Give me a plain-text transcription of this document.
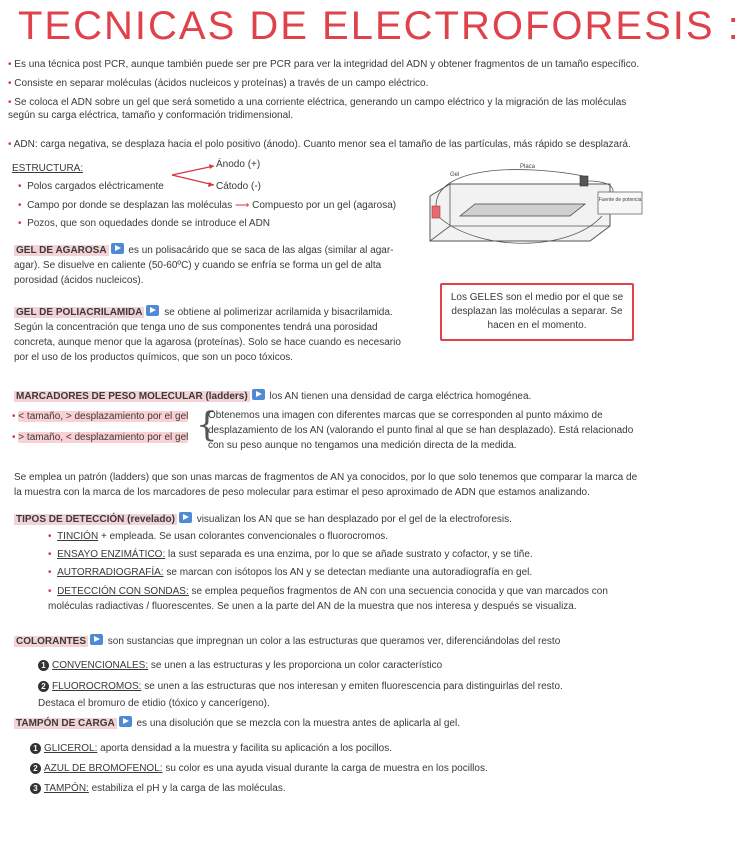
TECNICAS DE ELECTROFORESIS :
• Es una técnica post PCR, aunque también puede ser pre PCR para ver la integridad del ADN y obtener fragmentos de un tamaño específico.
• Consiste en separar moléculas (ácidos nucleicos y proteínas) a través de un campo eléctrico.
• Se coloca el ADN sobre un gel que será sometido a una corriente eléctrica, generando un campo eléctrico y la migración de las moléculas según su carga eléctrica, tamaño y conformación tridimensional.
• ADN: carga negativa, se desplaza hacia el polo positivo (ánodo). Cuanto menor sea el tamaño de las partículas, más rápido se desplazará.
ESTRUCTURA:	Ánodo (+)
Cátodo (-)
• Polos cargados eléctricamente
• Campo por donde se desplazan las moléculas ⟶ Compuesto por un gel (agarosa)
• Pozos, que son oquedades donde se introduce el ADN
Fuente de potencia
Gel
Placa
GEL DE AGAROSA es un polisacárido que se saca de las algas (similar al agar-agar). Se disuelve en caliente (50-60ºC) y cuando se enfría se forma un gel de alta porosidad (ácidos nucleicos).
Los GELES son el medio por el que se desplazan las moléculas a separar. Se hacen en el momento.
GEL DE POLIACRILAMIDA se obtiene al polimerizar acrilamida y bisacrilamida. Según la concentración que tenga uno de sus componentes tendrá una porosidad concreta, aunque menor que la agarosa (proteínas). Solo se hace cuando es necesario por el uso de los productos químicos, que son un poco tóxicos.
MARCADORES DE PESO MOLECULAR (ladders) los AN tienen una densidad de carga eléctrica homogénea.
• < tamaño, > desplazamiento por el gel
• > tamaño, < desplazamiento por el gel {
Obtenemos una imagen con diferentes marcas que se corresponden al punto máximo de desplazamiento de los AN (valorando el punto final al que se han desplazado). Está relacionado con su peso aunque no tengamos una medición directa de la medida.
Se emplea un patrón (ladders) que son unas marcas de fragmentos de AN ya conocidos, por lo que solo tenemos que comparar la marca de la muestra con la marca de los marcadores de peso molecular para estimar el peso aproximado de ADN que estamos analizando.
TIPOS DE DETECCIÓN (revelado) visualizan los AN que se han desplazado por el gel de la electroforesis.
• TINCIÓN + empleada. Se usan colorantes convencionales o fluorocromos.
• ENSAYO ENZIMÁTICO: la sust separada es una enzima, por lo que se añade sustrato y cofactor, y se tiñe.
• AUTORRADIOGRAFÍA: se marcan con isótopos los AN y se detectan mediante una autoradiografía en gel.
• DETECCIÓN CON SONDAS: se emplea pequeños fragmentos de AN con una secuencia conocida y que van marcados con moléculas radiactivas / fluorescentes. Se unen a la parte del AN de la muestra que nos interesa y después se visualiza.
COLORANTES son sustancias que impregnan un color a las estructuras que queramos ver, diferenciándolas del resto
1 CONVENCIONALES: se unen a las estructuras y les proporciona un color característico
2 FLUOROCROMOS: se unen a las estructuras que nos interesan y emiten fluorescencia para distinguirlas del resto. Destaca el bromuro de etidio (tóxico y cancerígeno).
TAMPÓN DE CARGA es una disolución que se mezcla con la muestra antes de aplicarla al gel.
1 GLICEROL: aporta densidad a la muestra y facilita su aplicación a los pocillos.
2 AZUL DE BROMOFENOL: su color es una ayuda visual durante la carga de muestra en los pocillos.
3 TAMPÓN: estabiliza el pH y la carga de las moléculas.
